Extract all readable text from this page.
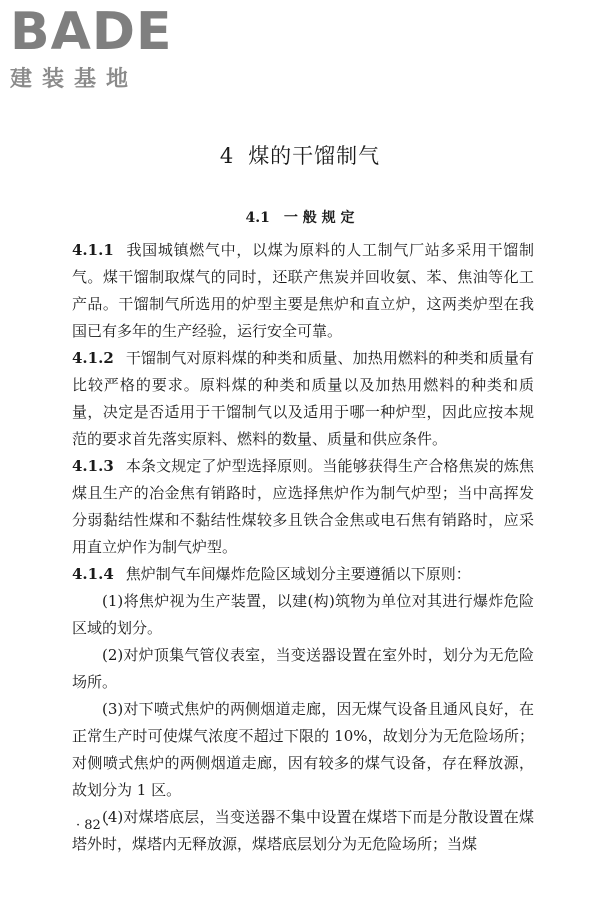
BADE
建装基地
4 煤的干馏制气
4.1 一 般 规 定

4.1.1 我国城镇燃气中，以煤为原料的人工制气厂站多采用干馏制气。煤干馏制取煤气的同时，还联产焦炭并回收氨、苯、焦油等化工产品。干馏制气所选用的炉型主要是焦炉和直立炉，这两类炉型在我国已有多年的生产经验，运行安全可靠。

4.1.2 干馏制气对原料煤的种类和质量、加热用燃料的种类和质量有比较严格的要求。原料煤的种类和质量以及加热用燃料的种类和质量，决定是否适用于干馏制气以及适用于哪一种炉型，因此应按本规范的要求首先落实原料、燃料的数量、质量和供应条件。

4.1.3 本条文规定了炉型选择原则。当能够获得生产合格焦炭的炼焦煤且生产的冶金焦有销路时，应选择焦炉作为制气炉型；当中高挥发分弱黏结性煤和不黏结性煤较多且铁合金焦或电石焦有销路时，应采用直立炉作为制气炉型。

4.1.4 焦炉制气车间爆炸危险区域划分主要遵循以下原则：

(1)将焦炉视为生产装置，以建(构)筑物为单位对其进行爆炸危险区域的划分。

(2)对炉顶集气管仪表室，当变送器设置在室外时，划分为无危险场所。

(3)对下喷式焦炉的两侧烟道走廊，因无煤气设备且通风良好，在正常生产时可使煤气浓度不超过下限的 10%，故划分为无危险场所；对侧喷式焦炉的两侧烟道走廊，因有较多的煤气设备，存在释放源，故划分为 1 区。

(4)对煤塔底层，当变送器不集中设置在煤塔下而是分散设置在煤塔外时，煤塔内无释放源，煤塔底层划分为无危险场所；当煤

· 82 ·
